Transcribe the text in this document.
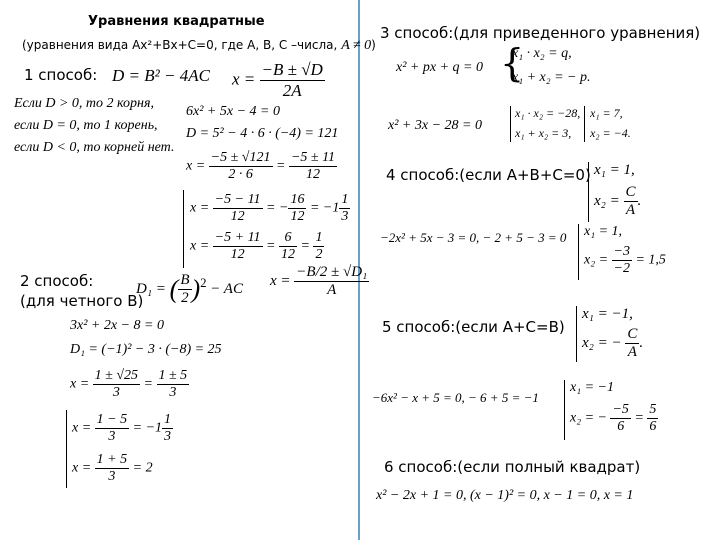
Уравнения квадратные
(уравнения вида Ax²+Bx+C=0, где A, B, C –числа, A ≠ 0)
1 способ: D = B² − 4AC $x = \frac{-B \pm √D}{2A}$
Если D > 0, то 2 корня,
если D = 0, то 1 корень,
если D < 0, то корней нет.
6x² + 5x − 4 = 0
D = 5² − 4 · 6 · (−4) = 121
$x = \frac{-5 \pm √121}{2 \cdot 6} = \frac{-5 \pm 11}{12}$
$x = \frac{-5 - 11}{12}$ = − $\frac{16}{12} = -1 \frac{1}{3}$
$x = \frac{-5 + 11}{12} = \frac{6}{12} = \frac{1}{2}$
2 способ:
(для четного B)
D₁ = ( $\frac{B}{2} )^2$ − AC $x = \frac{\text{−B/2 ± √D₁}}{A}$
3x² + 2x − 8 = 0
D₁ = (−1)² − 3 · (−8) = 25
$x = \frac{1 \pm √25}{3} = \frac{1 \pm 5}{3}$
$x = \frac{1 - 5}{3} = -1 \frac{1}{3}$
$x = \frac{1 + 5}{3} = 2$
3 способ:(для приведенного уравнения)
x² + px + q = 0 {
x₁ · x₂ = q,
x₁ + x₂ = − p.
x² + 3x − 28 = 0
x₁ · x₂ = −28,
x₁ + x₂ = 3,
x₁ = 7,
x₂ = −4.
4 способ:(если A+B+C=0) x₁ = 1,
$x_2 = \frac{C}{A}$ .
−2x² + 5x − 3 = 0, − 2 + 5 − 3 = 0 x₁ = 1,
$x_2 = \frac{-3}{-2} = 1,5$
5 способ:(если A+C=B)
x₁ = −1,
x₂ = − $\frac{C}{A}$ .
−6x² − x + 5 = 0, − 6 + 5 = −1
x₁ = −1
x₂ = − $\frac{-5}{6} = \frac{5}{6}$
6 способ:(если полный квадрат)
x² − 2x + 1 = 0, (x − 1)² = 0, x − 1 = 0, x = 1
